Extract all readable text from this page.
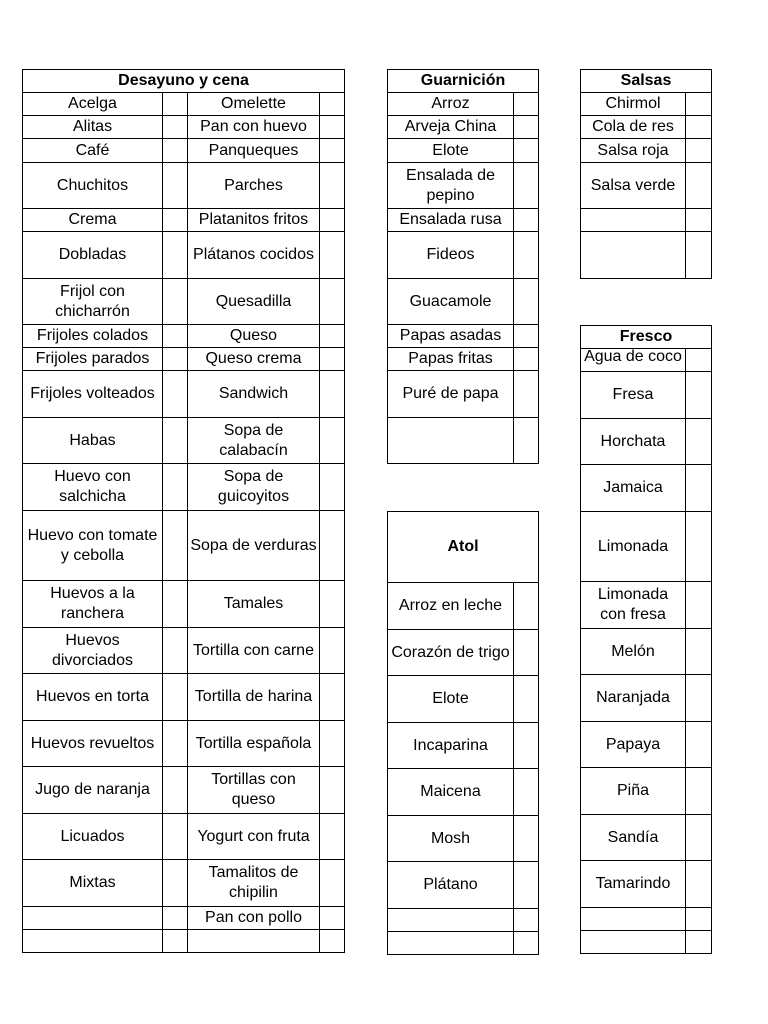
Desayuno y cena			
Acelga		Omelette	
Alitas		Pan con huevo	
Café		Panqueques	
Chuchitos		Parches	
Crema		Platanitos fritos	
Dobladas		Plátanos cocidos	
Frijol con chicharrón		Quesadilla	
Frijoles colados		Queso	
Frijoles parados		Queso crema	
Frijoles volteados		Sandwich	
Habas		Sopa de calabacín	
Huevo con salchicha		Sopa de guicoyitos	
Huevo con tomate y cebolla		Sopa de verduras	
Huevos a la ranchera		Tamales	
Huevos divorciados		Tortilla con carne	
Huevos en torta		Tortilla de harina	
Huevos revueltos		Tortilla española	
Jugo de naranja		Tortillas con queso	
Licuados		Yogurt con fruta	
Mixtas		Tamalitos de chipilin	
		Pan con pollo	

Guarnición	
Arroz	
Arveja China	
Elote	
Ensalada de pepino	
Ensalada rusa	
Fideos	
Guacamole	
Papas asadas	
Papas fritas	
Puré de papa	

Salsas	
Chirmol	
Cola de res	
Salsa roja	
Salsa verde	

Fresco	

Agua de coco	

Fresa	
Horchata	
Jamaica	
Limonada	
Limonada con fresa	
Melón	
Naranjada	
Papaya	
Piña	
Sandía	
Tamarindo	

Atol	
Arroz en leche	
Corazón de trigo	
Elote	
Incaparina	
Maicena	
Mosh	
Plátano	
